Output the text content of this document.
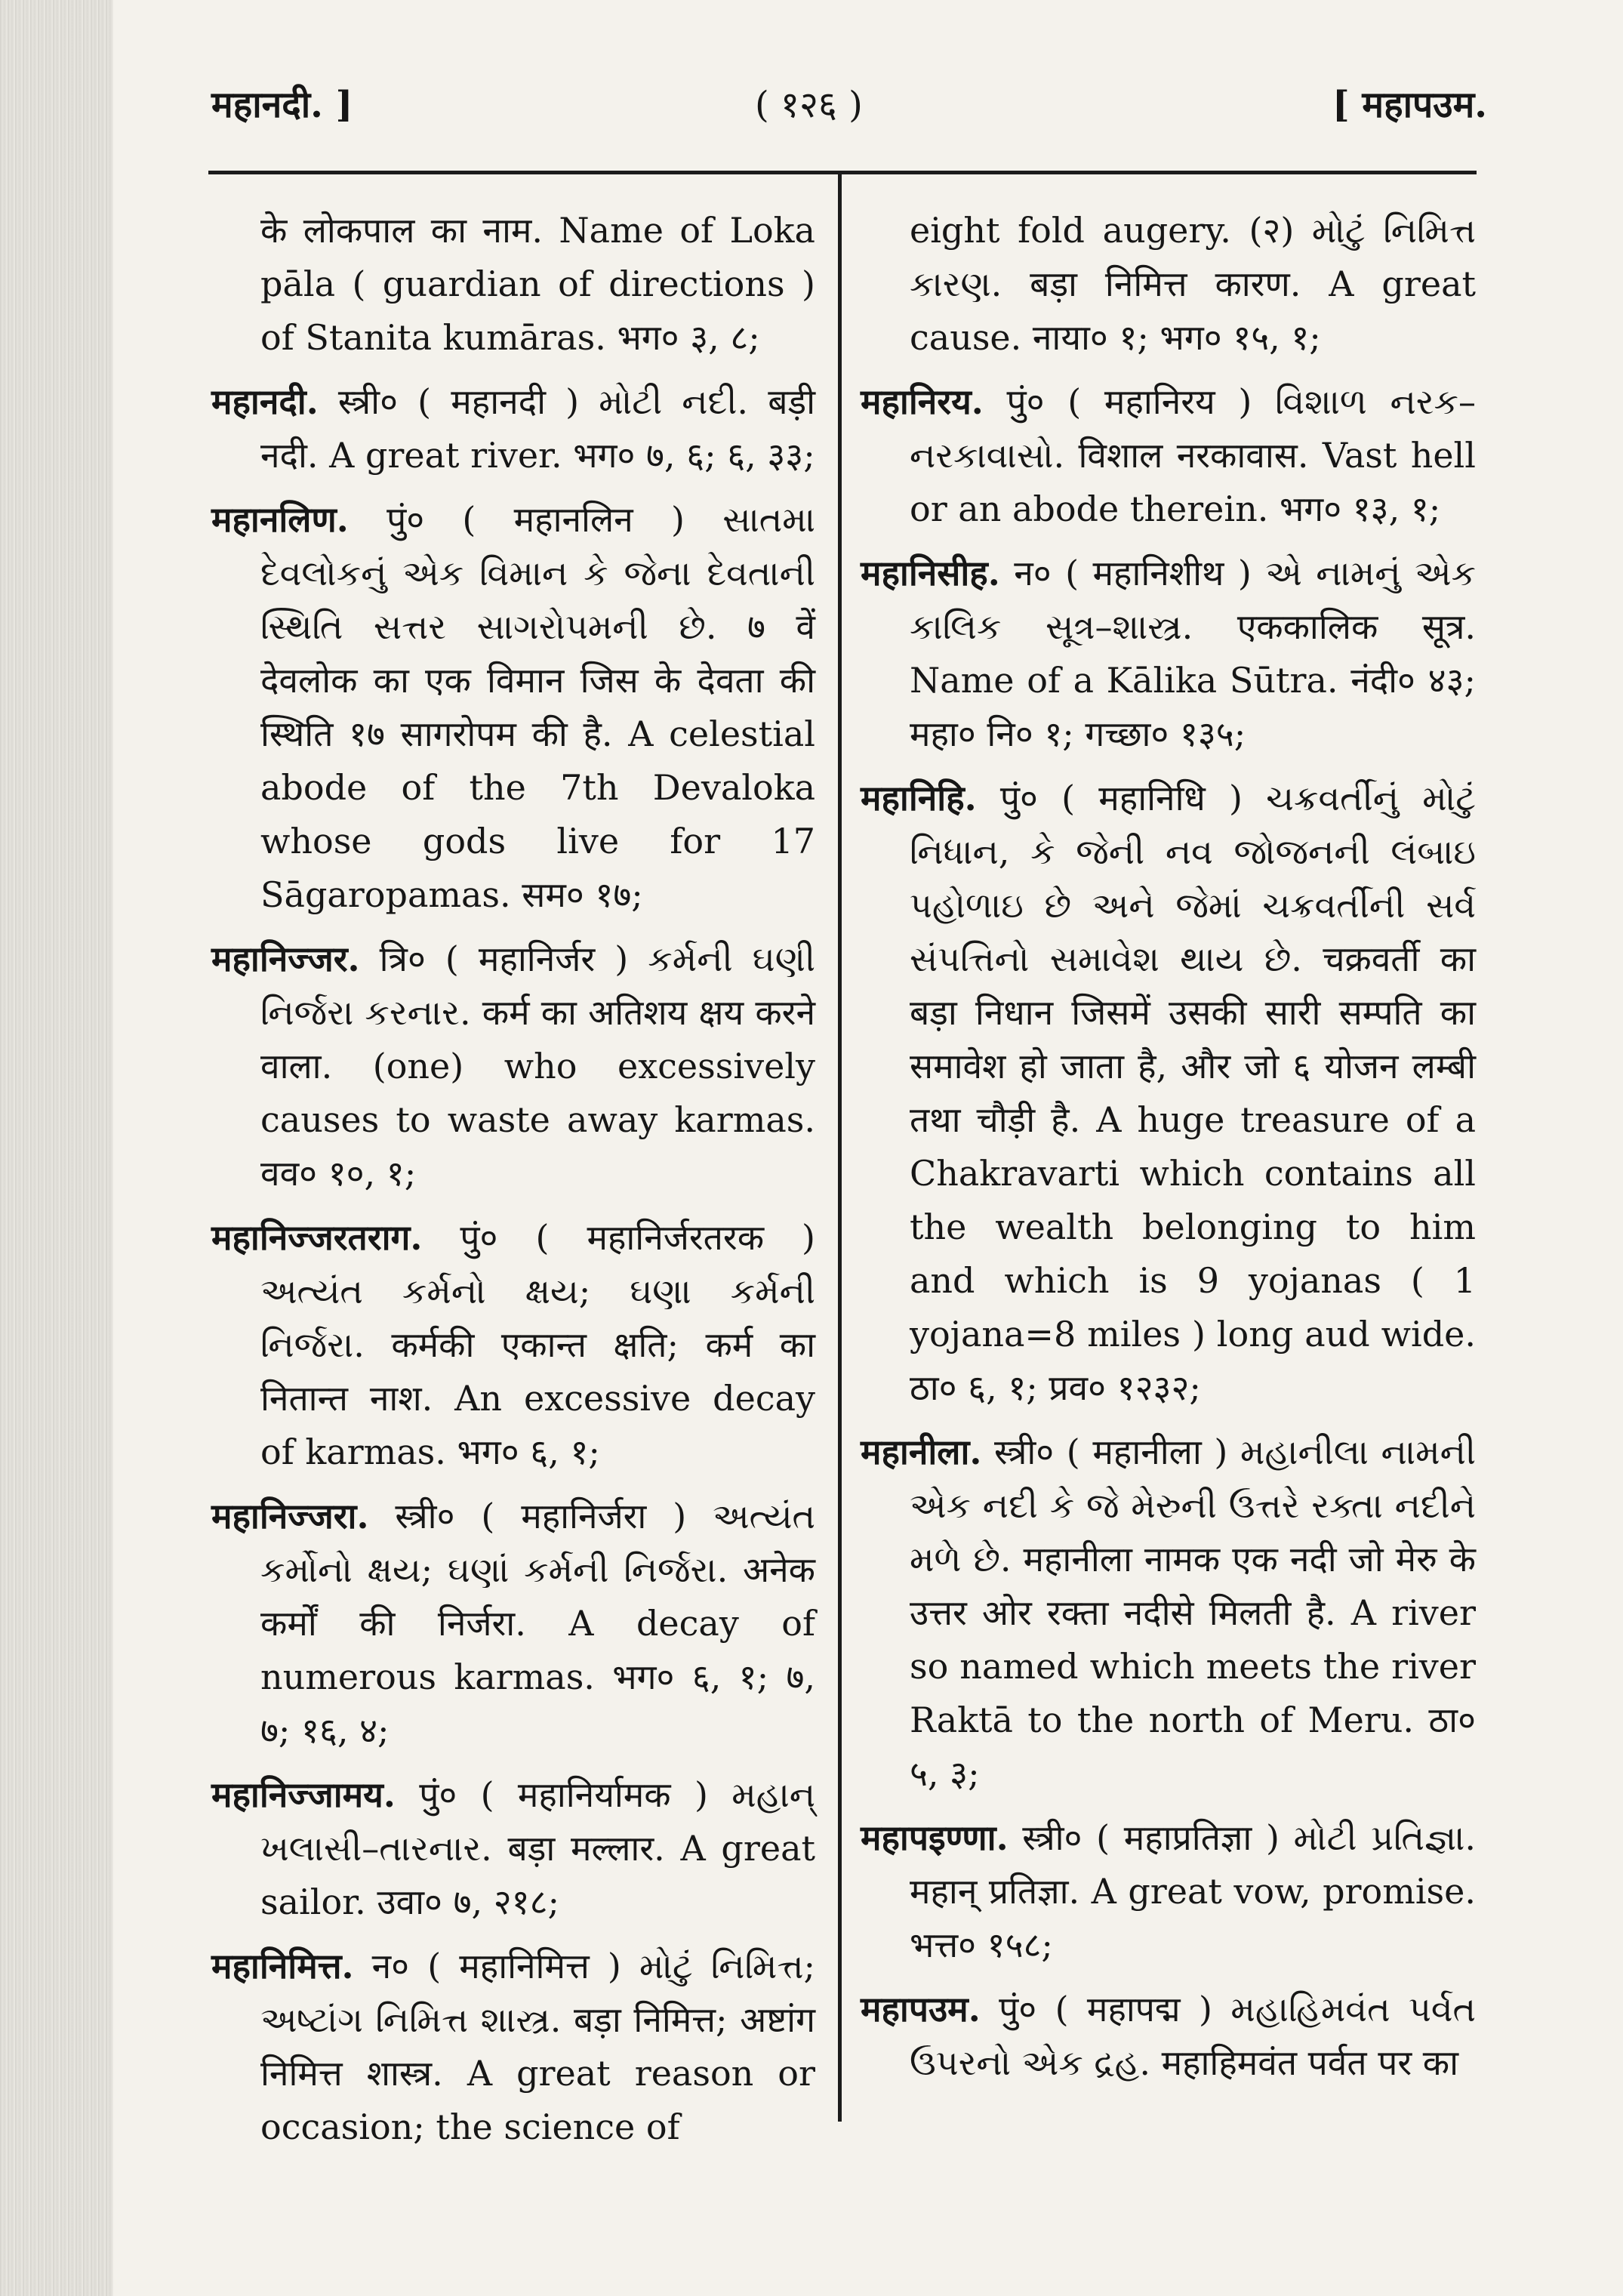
महानदी. ]	( १२६ )	[ महापउम.

के लोकपाल का नाम. Name of Loka pāla ( guardian of directions ) of Stanita kumāras. भग० ३, ८;

महानदी. स्त्री० ( महानदी ) મોટી નદી. बड़ी नदी. A great river. भग० ७, ६; ६, ३३;

महानलिण. पुं० ( महानलिन ) સાતમા દેવલોકનું એક વિમાન કે જેના દેવતાની સ્થિતિ સત્તર સાગરોપમની છે. ७ वें देवलोक का एक विमान जिस के देवता की स्थिति १७ सागरोपम की है. A celestial abode of the 7th Devaloka whose gods live for 17 Sāgaropamas. सम० १७;

महानिज्जर. त्रि० ( महानिर्जर ) કર્મની ઘણી નિર્જરા કરનાર. कर्म का अतिशय क्षय करने वाला. (one) who excessively causes to waste away karmas. वव० १०, १;

महानिज्जरतराग. पुं० ( महानिर्जरतरक ) અત્યંત કર્મનો ક્ષય; ઘણા કર્મની નિર્જરા. कर्मकी एकान्त क्षति; कर्म का नितान्त नाश. An excessive decay of karmas. भग० ६, १;

महानिज्जरा. स्त्री० ( महानिर्जरा ) અત્યંત કર્મોનો ક્ષય; ઘણાં કર્મની નિર્જરા. अनेक कर्मों की निर्जरा. A decay of numerous karmas. भग० ६, १; ७, ७; १६, ४;

महानिज्जामय. पुं० ( महानिर्यामक ) મહાન્ ખલાસી–તારનાર. बड़ा मल्लार. A great sailor. उवा० ७, २१८;

महानिमित्त. न० ( महानिमित्त ) મોટું નિમિત્ત; અષ્ટાંગ નિમિત્ત શાસ્ત્ર. बड़ा निमित्त; अष्टांग निमित्त शास्त्र. A great reason or occasion; the science of

eight fold augery. (२) મોટું નિમિત્ત કારણ. बड़ा निमित्त कारण. A great cause. नाया० १; भग० १५, १;

महानिरय. पुं० ( महानिरय ) વિશાળ નરક–નરકાવાસો. विशाल नरकावास. Vast hell or an abode therein. भग० १३, १;

महानिसीह. न० ( महानिशीथ ) એ નામનું એક કાલિક સૂત્ર–શાસ્ત્ર. एककालिक सूत्र. Name of a Kālika Sūtra. नंदी० ४३; महा० नि० १; गच्छा० १३५;

महानिहि. पुं० ( महानिधि ) ચક્રવર્તીનું મોટું નિધાન, કે જેની નવ જોજનની લંબાઇ પહોળાઇ છે અને જેમાં ચક્રવર્તીની સર્વ સંપત્તિનો સમાવેશ થાય છે. चक्रवर्ती का बड़ा निधान जिसमें उसकी सारी सम्पति का समावेश हो जाता है, और जो ६ योजन लम्बी तथा चौड़ी है. A huge treasure of a Chakravarti which contains all the wealth belonging to him and which is 9 yojanas ( 1 yojana=8 miles ) long aud wide. ठा० ६, १; प्रव० १२३२;

महानीला. स्त्री० ( महानीला ) મહાનીલા નામની એક નદી કે જે મેરુની ઉત્તરે રક્તા નદીને મળે છે. महानीला नामक एक नदी जो मेरु के उत्तर ओर रक्ता नदीसे मिलती है. A river so named which meets the river Raktā to the north of Meru. ठा० ५, ३;

महापइण्णा. स्त्री० ( महाप्रतिज्ञा ) મોટી પ્રતિજ્ઞા. महान् प्रतिज्ञा. A great vow, promise. भत्त० १५८;

महापउम. पुं० ( महापद्म ) મહાહિમવંત પર્વત ઉપરનો એક દ્રહ. महाहिमवंत पर्वत पर का
